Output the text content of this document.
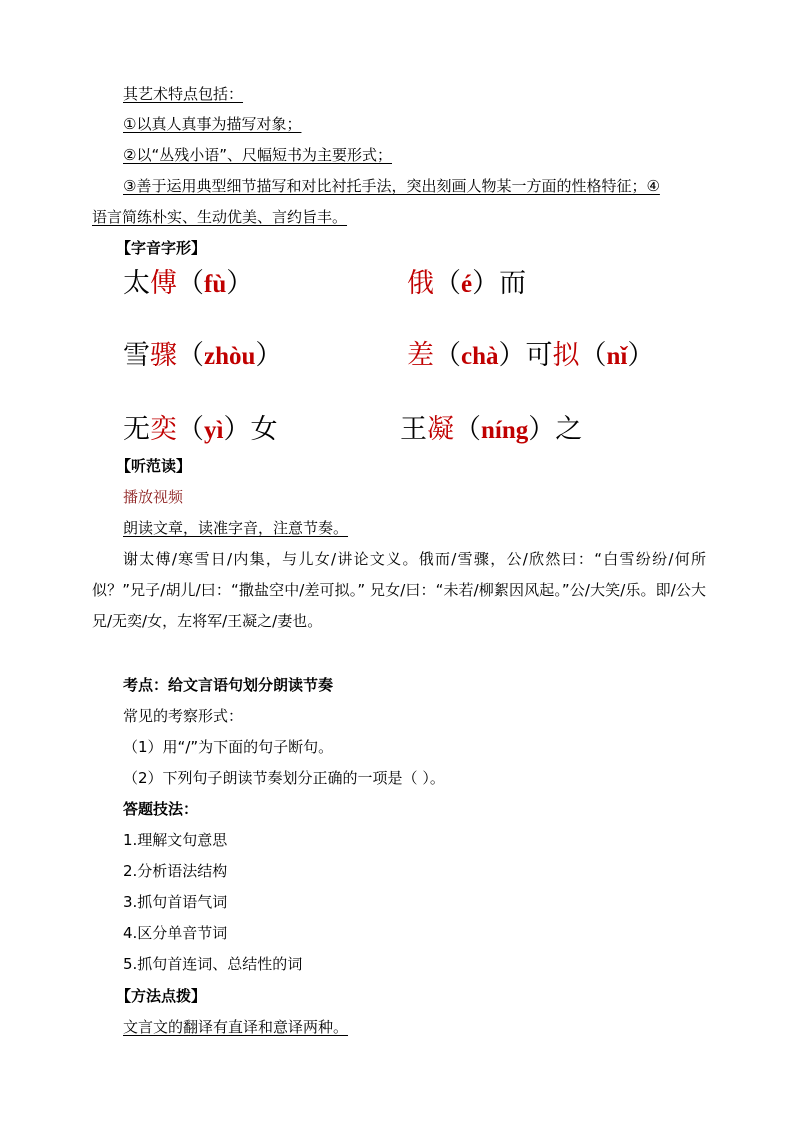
其艺术特点包括：
①以真人真事为描写对象；
②以“丛残小语”、尺幅短书为主要形式；
③善于运用典型细节描写和对比衬托手法，突出刻画人物某一方面的性格特征；④
语言简练朴实、生动优美、言约旨丰。
【字音字形】
太傅（fù）	俄（é）而
雪骤（zhòu）	差（chà）可拟（nǐ）
无奕（yì）女	王凝（níng）之
【听范读】
播放视频
朗读文章，读准字音，注意节奏。
谢太傅/寒雪日/内集，与儿女/讲论文义。俄而/雪骤，公/欣然曰：“白雪纷纷/何所似？”兄子/胡儿/曰：“撒盐空中/差可拟。” 兄女/曰：“未若/柳絮因风起。”公/大笑/乐。即/公大兄/无奕/女，左将军/王凝之/妻也。
考点：给文言语句划分朗读节奏
常见的考察形式：
（1）用“/”为下面的句子断句。
（2）下列句子朗读节奏划分正确的一项是（ ）。
答题技法：
1.理解文句意思
2.分析语法结构
3.抓句首语气词
4.区分单音节词
5.抓句首连词、总结性的词
【方法点拨】
文言文的翻译有直译和意译两种。
